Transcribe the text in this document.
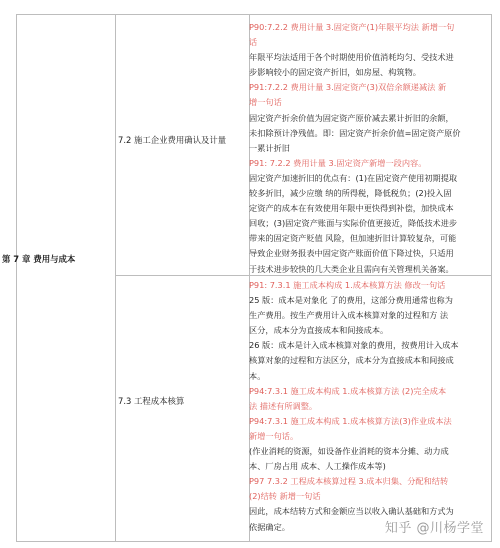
第 7 章 费用与成本
7.2 施工企业费用确认及计量
7.3 工程成本核算
P90:7.2.2 费用计量 3.固定资产(1)年限平均法 新增一句
话
年限平均法适用于各个时期使用价值消耗均匀、受技术进
步影响较小的固定资产折旧，如房屋、构筑物。
P91:7.2.2 费用计量 3.固定资产(3)双倍余额递减法 新
增一句话
固定资产折余价值为固定资产原价减去累计折旧的余额，
未扣除预计净残值。即：固定资产折余价值=固定资产原价
一累计折旧
P91: 7.2.2 费用计量 3.固定资产新增一段内容。
固定资产加速折旧的优点有：(1)在固定资产使用初期提取
较多折旧，减少应缴 纳的所得税，降低税负；(2)投入固
定资产的成本在有效使用年限中更快得到补偿，加快成本
回收；(3)固定资产账面与实际价值更接近，降低技术进步
带来的固定资产贬值 风险，但加速折旧计算较复杂，可能
导致企业财务报表中固定资产账面价值下降过快，只适用
于技术进步较快的几大类企业且需向有关管理机关备案。
P91: 7.3.1 施工成本构成 1.成本核算方法 修改一句话
25 版：成本是对象化 了的费用，这部分费用通常也称为
生产费用。按生产费用计入成本核算对象的过程和方 法
区分，成本分为直接成本和间接成本。
26 版：成本是计入成本核算对象的费用，按费用计入成本
核算对象的过程和方法区分，成本分为直接成本和间接成
本。
P94:7.3.1 施工成本构成 1.成本核算方法 (2)完全成本
法 描述有所调整。
P94:7.3.1 施工成本构成 1.成本核算方法(3)作业成本法
新增一句话。
(作业消耗的资源，如设备作业消耗的资本分摊、动力成
本、厂房占用 成本、人工操作成本等)
P97 7.3.2 工程成本核算过程 3.成本归集、分配和结转
(2)结转 新增一句话
因此，成本结转方式和金额应当以收入确认基础和方式为
依据确定。	知乎 @川杨学堂
